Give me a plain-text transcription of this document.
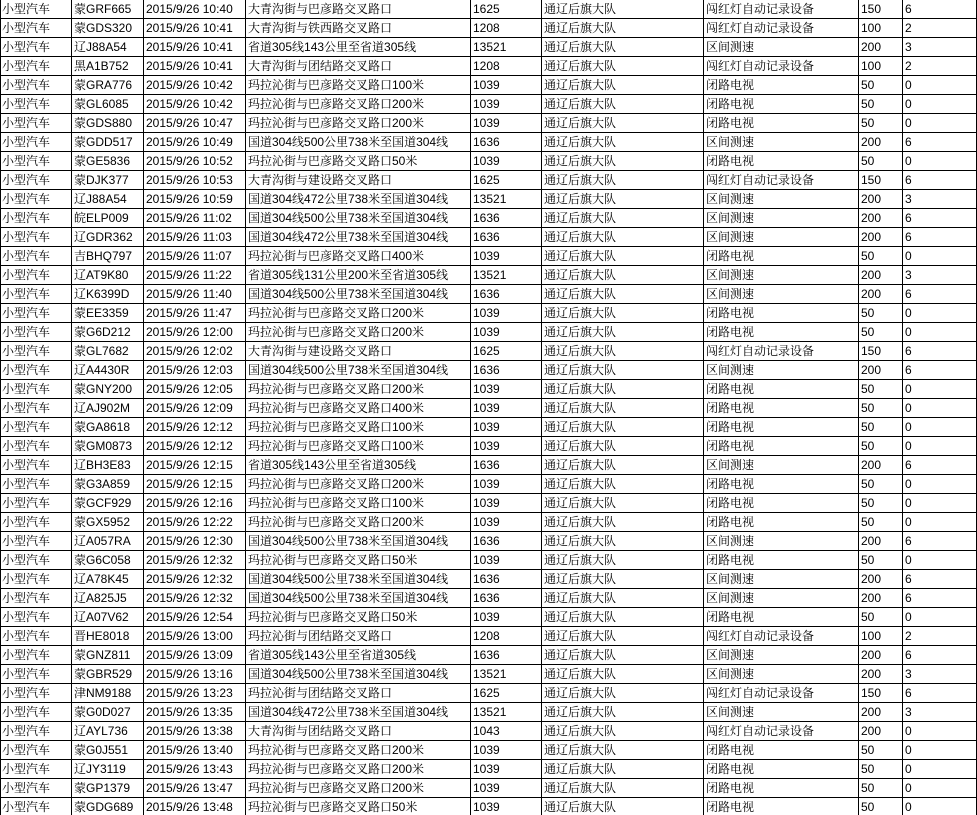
小型汽车	蒙GRF665	2015/9/26 10:40	大青沟街与巴彦路交叉路口	1625	通辽后旗大队	闯红灯自动记录设备	150	6
小型汽车	蒙GDS320	2015/9/26 10:41	大青沟街与铁西路交叉路口	1208	通辽后旗大队	闯红灯自动记录设备	100	2
小型汽车	辽J88A54	2015/9/26 10:41	省道305线143公里至省道305线	13521	通辽后旗大队	区间测速	200	3
小型汽车	黑A1B752	2015/9/26 10:41	大青沟街与团结路交叉路口	1208	通辽后旗大队	闯红灯自动记录设备	100	2
小型汽车	蒙GRA776	2015/9/26 10:42	玛拉沁街与巴彦路交叉路口100米	1039	通辽后旗大队	闭路电视	50	0
小型汽车	蒙GL6085	2015/9/26 10:42	玛拉沁街与巴彦路交叉路口200米	1039	通辽后旗大队	闭路电视	50	0
小型汽车	蒙GDS880	2015/9/26 10:47	玛拉沁街与巴彦路交叉路口200米	1039	通辽后旗大队	闭路电视	50	0
小型汽车	蒙GDD517	2015/9/26 10:49	国道304线500公里738米至国道304线	1636	通辽后旗大队	区间测速	200	6
小型汽车	蒙GE5836	2015/9/26 10:52	玛拉沁街与巴彦路交叉路口50米	1039	通辽后旗大队	闭路电视	50	0
小型汽车	蒙DJK377	2015/9/26 10:53	大青沟街与建设路交叉路口	1625	通辽后旗大队	闯红灯自动记录设备	150	6
小型汽车	辽J88A54	2015/9/26 10:59	国道304线472公里738米至国道304线	13521	通辽后旗大队	区间测速	200	3
小型汽车	皖ELP009	2015/9/26 11:02	国道304线500公里738米至国道304线	1636	通辽后旗大队	区间测速	200	6
小型汽车	辽GDR362	2015/9/26 11:03	国道304线472公里738米至国道304线	1636	通辽后旗大队	区间测速	200	6
小型汽车	吉BHQ797	2015/9/26 11:07	玛拉沁街与巴彦路交叉路口400米	1039	通辽后旗大队	闭路电视	50	0
小型汽车	辽AT9K80	2015/9/26 11:22	省道305线131公里200米至省道305线	13521	通辽后旗大队	区间测速	200	3
小型汽车	辽K6399D	2015/9/26 11:40	国道304线500公里738米至国道304线	1636	通辽后旗大队	区间测速	200	6
小型汽车	蒙EE3359	2015/9/26 11:47	玛拉沁街与巴彦路交叉路口200米	1039	通辽后旗大队	闭路电视	50	0
小型汽车	蒙G6D212	2015/9/26 12:00	玛拉沁街与巴彦路交叉路口200米	1039	通辽后旗大队	闭路电视	50	0
小型汽车	蒙GL7682	2015/9/26 12:02	大青沟街与建设路交叉路口	1625	通辽后旗大队	闯红灯自动记录设备	150	6
小型汽车	辽A4430R	2015/9/26 12:03	国道304线500公里738米至国道304线	1636	通辽后旗大队	区间测速	200	6
小型汽车	蒙GNY200	2015/9/26 12:05	玛拉沁街与巴彦路交叉路口200米	1039	通辽后旗大队	闭路电视	50	0
小型汽车	辽AJ902M	2015/9/26 12:09	玛拉沁街与巴彦路交叉路口400米	1039	通辽后旗大队	闭路电视	50	0
小型汽车	蒙GA8618	2015/9/26 12:12	玛拉沁街与巴彦路交叉路口100米	1039	通辽后旗大队	闭路电视	50	0
小型汽车	蒙GM0873	2015/9/26 12:12	玛拉沁街与巴彦路交叉路口100米	1039	通辽后旗大队	闭路电视	50	0
小型汽车	辽BH3E83	2015/9/26 12:15	省道305线143公里至省道305线	1636	通辽后旗大队	区间测速	200	6
小型汽车	蒙G3A859	2015/9/26 12:15	玛拉沁街与巴彦路交叉路口200米	1039	通辽后旗大队	闭路电视	50	0
小型汽车	蒙GCF929	2015/9/26 12:16	玛拉沁街与巴彦路交叉路口100米	1039	通辽后旗大队	闭路电视	50	0
小型汽车	蒙GX5952	2015/9/26 12:22	玛拉沁街与巴彦路交叉路口200米	1039	通辽后旗大队	闭路电视	50	0
小型汽车	辽A057RA	2015/9/26 12:30	国道304线500公里738米至国道304线	1636	通辽后旗大队	区间测速	200	6
小型汽车	蒙G6C058	2015/9/26 12:32	玛拉沁街与巴彦路交叉路口50米	1039	通辽后旗大队	闭路电视	50	0
小型汽车	辽A78K45	2015/9/26 12:32	国道304线500公里738米至国道304线	1636	通辽后旗大队	区间测速	200	6
小型汽车	辽A825J5	2015/9/26 12:32	国道304线500公里738米至国道304线	1636	通辽后旗大队	区间测速	200	6
小型汽车	辽A07V62	2015/9/26 12:54	玛拉沁街与巴彦路交叉路口50米	1039	通辽后旗大队	闭路电视	50	0
小型汽车	晋HE8018	2015/9/26 13:00	玛拉沁街与团结路交叉路口	1208	通辽后旗大队	闯红灯自动记录设备	100	2
小型汽车	蒙GNZ811	2015/9/26 13:09	省道305线143公里至省道305线	1636	通辽后旗大队	区间测速	200	6
小型汽车	蒙GBR529	2015/9/26 13:16	国道304线500公里738米至国道304线	13521	通辽后旗大队	区间测速	200	3
小型汽车	津NM9188	2015/9/26 13:23	玛拉沁街与团结路交叉路口	1625	通辽后旗大队	闯红灯自动记录设备	150	6
小型汽车	蒙G0D027	2015/9/26 13:35	国道304线472公里738米至国道304线	13521	通辽后旗大队	区间测速	200	3
小型汽车	辽AYL736	2015/9/26 13:38	大青沟街与团结路交叉路口	1043	通辽后旗大队	闯红灯自动记录设备	200	0
小型汽车	蒙G0J551	2015/9/26 13:40	玛拉沁街与巴彦路交叉路口200米	1039	通辽后旗大队	闭路电视	50	0
小型汽车	辽JY3119	2015/9/26 13:43	玛拉沁街与巴彦路交叉路口200米	1039	通辽后旗大队	闭路电视	50	0
小型汽车	蒙GP1379	2015/9/26 13:47	玛拉沁街与巴彦路交叉路口200米	1039	通辽后旗大队	闭路电视	50	0
小型汽车	蒙GDG689	2015/9/26 13:48	玛拉沁街与巴彦路交叉路口50米	1039	通辽后旗大队	闭路电视	50	0
